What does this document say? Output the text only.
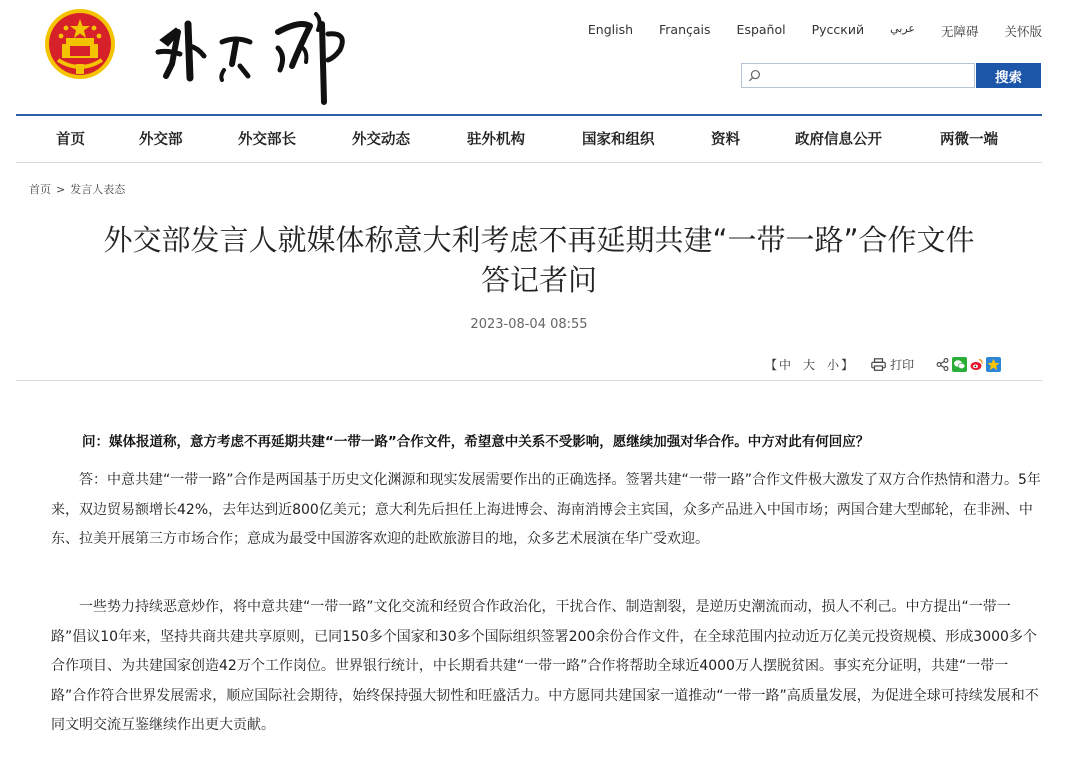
English Français Español Русский عربي 无障碍 关怀版
搜索
首页	外交部	外交部长	外交动态	驻外机构	国家和组织	资料	政府信息公开	两微一端
首页 > 发言人表态
外交部发言人就媒体称意大利考虑不再延期共建“一带一路”合作文件
答记者问
2023-08-04 08:55
【 中 大 小 】	打印
问：媒体报道称，意方考虑不再延期共建“一带一路”合作文件，希望意中关系不受影响，愿继续加强对华合作。中方对此有何回应？

答：中意共建“一带一路”合作是两国基于历史文化渊源和现实发展需要作出的正确选择。签署共建“一带一路”合作文件极大激发了双方合作热情和潜力。5年来，双边贸易额增长42%，去年达到近800亿美元；意大利先后担任上海进博会、海南消博会主宾国，众多产品进入中国市场；两国合建大型邮轮，在非洲、中东、拉美开展第三方市场合作；意成为最受中国游客欢迎的赴欧旅游目的地，众多艺术展演在华广受欢迎。

一些势力持续恶意炒作，将中意共建“一带一路”文化交流和经贸合作政治化，干扰合作、制造割裂，是逆历史潮流而动，损人不利己。中方提出“一带一路”倡议10年来，坚持共商共建共享原则，已同150多个国家和30多个国际组织签署200余份合作文件，在全球范围内拉动近万亿美元投资规模、形成3000多个合作项目、为共建国家创造42万个工作岗位。世界银行统计，中长期看共建“一带一路”合作将帮助全球近4000万人摆脱贫困。事实充分证明，共建“一带一路”合作符合世界发展需求，顺应国际社会期待，始终保持强大韧性和旺盛活力。中方愿同共建国家一道推动“一带一路”高质量发展，为促进全球可持续发展和不同文明交流互鉴继续作出更大贡献。
